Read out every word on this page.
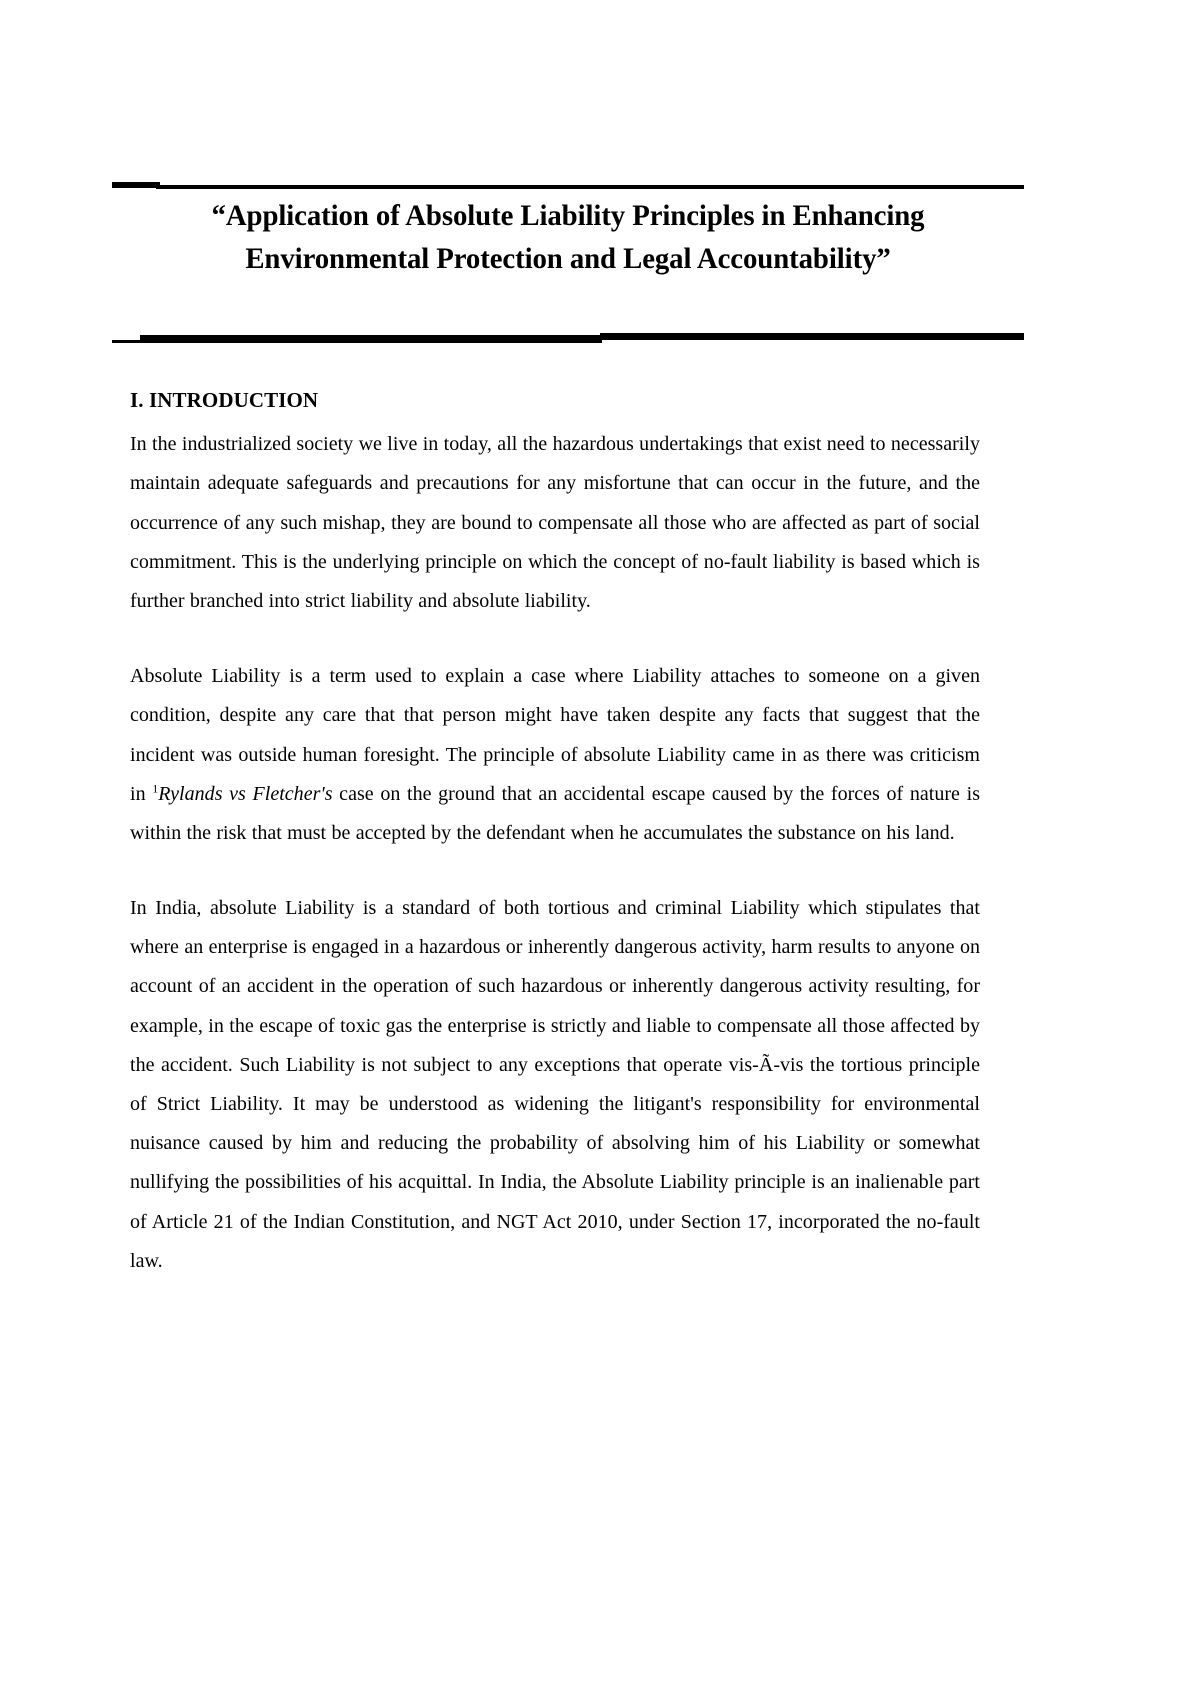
“Application of Absolute Liability Principles in Enhancing
Environmental Protection and Legal Accountability”
I. INTRODUCTION

In the industrialized society we live in today, all the hazardous undertakings that exist need to necessarily maintain adequate safeguards and precautions for any misfortune that can occur in the future, and the occurrence of any such mishap, they are bound to compensate all those who are affected as part of social commitment. This is the underlying principle on which the concept of no-fault liability is based which is further branched into strict liability and absolute liability.

Absolute Liability is a term used to explain a case where Liability attaches to someone on a given condition, despite any care that that person might have taken despite any facts that suggest that the incident was outside human foresight. The principle of absolute Liability came in as there was criticism in $^1$Rylands vs Fletcher's case on the ground that an accidental escape caused by the forces of nature is within the risk that must be accepted by the defendant when he accumulates the substance on his land.

In India, absolute Liability is a standard of both tortious and criminal Liability which stipulates that where an enterprise is engaged in a hazardous or inherently dangerous activity, harm results to anyone on account of an accident in the operation of such hazardous or inherently dangerous activity resulting, for example, in the escape of toxic gas the enterprise is strictly and liable to compensate all those affected by the accident. Such Liability is not subject to any exceptions that operate vis-Ã-vis the tortious principle of Strict Liability. It may be understood as widening the litigant's responsibility for environmental nuisance caused by him and reducing the probability of absolving him of his Liability or somewhat nullifying the possibilities of his acquittal. In India, the Absolute Liability principle is an inalienable part of Article 21 of the Indian Constitution, and NGT Act 2010, under Section 17, incorporated the no-fault law.
